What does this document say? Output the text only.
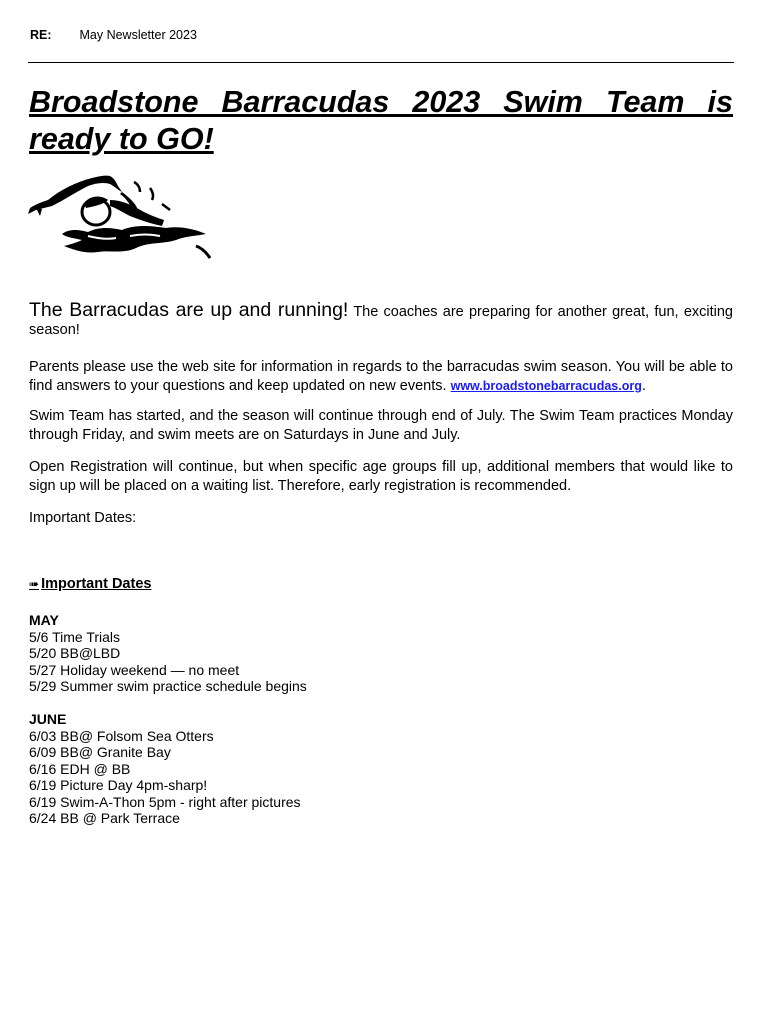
RE: May Newsletter 2023
Broadstone Barracudas 2023 Swim Team is ready to GO!

The Barracudas are up and running! The coaches are preparing for another great, fun, exciting season!

Parents please use the web site for information in regards to the barracudas swim season. You will be able to find answers to your questions and keep updated on new events. www.broadstonebarracudas.org.

Swim Team has started, and the season will continue through end of July. The Swim Team practices Monday through Friday, and swim meets are on Saturdays in June and July.

Open Registration will continue, but when specific age groups fill up, additional members that would like to sign up will be placed on a waiting list. Therefore, early registration is recommended.

Important Dates:

➠ Important Dates
MAY
5/6 Time Trials
5/20 BB@LBD
5/27 Holiday weekend — no meet
5/29 Summer swim practice schedule begins
JUNE
6/03 BB@ Folsom Sea Otters
6/09 BB@ Granite Bay
6/16 EDH @ BB
6/19 Picture Day 4pm-sharp!
6/19 Swim-A-Thon 5pm - right after pictures
6/24 BB @ Park Terrace
